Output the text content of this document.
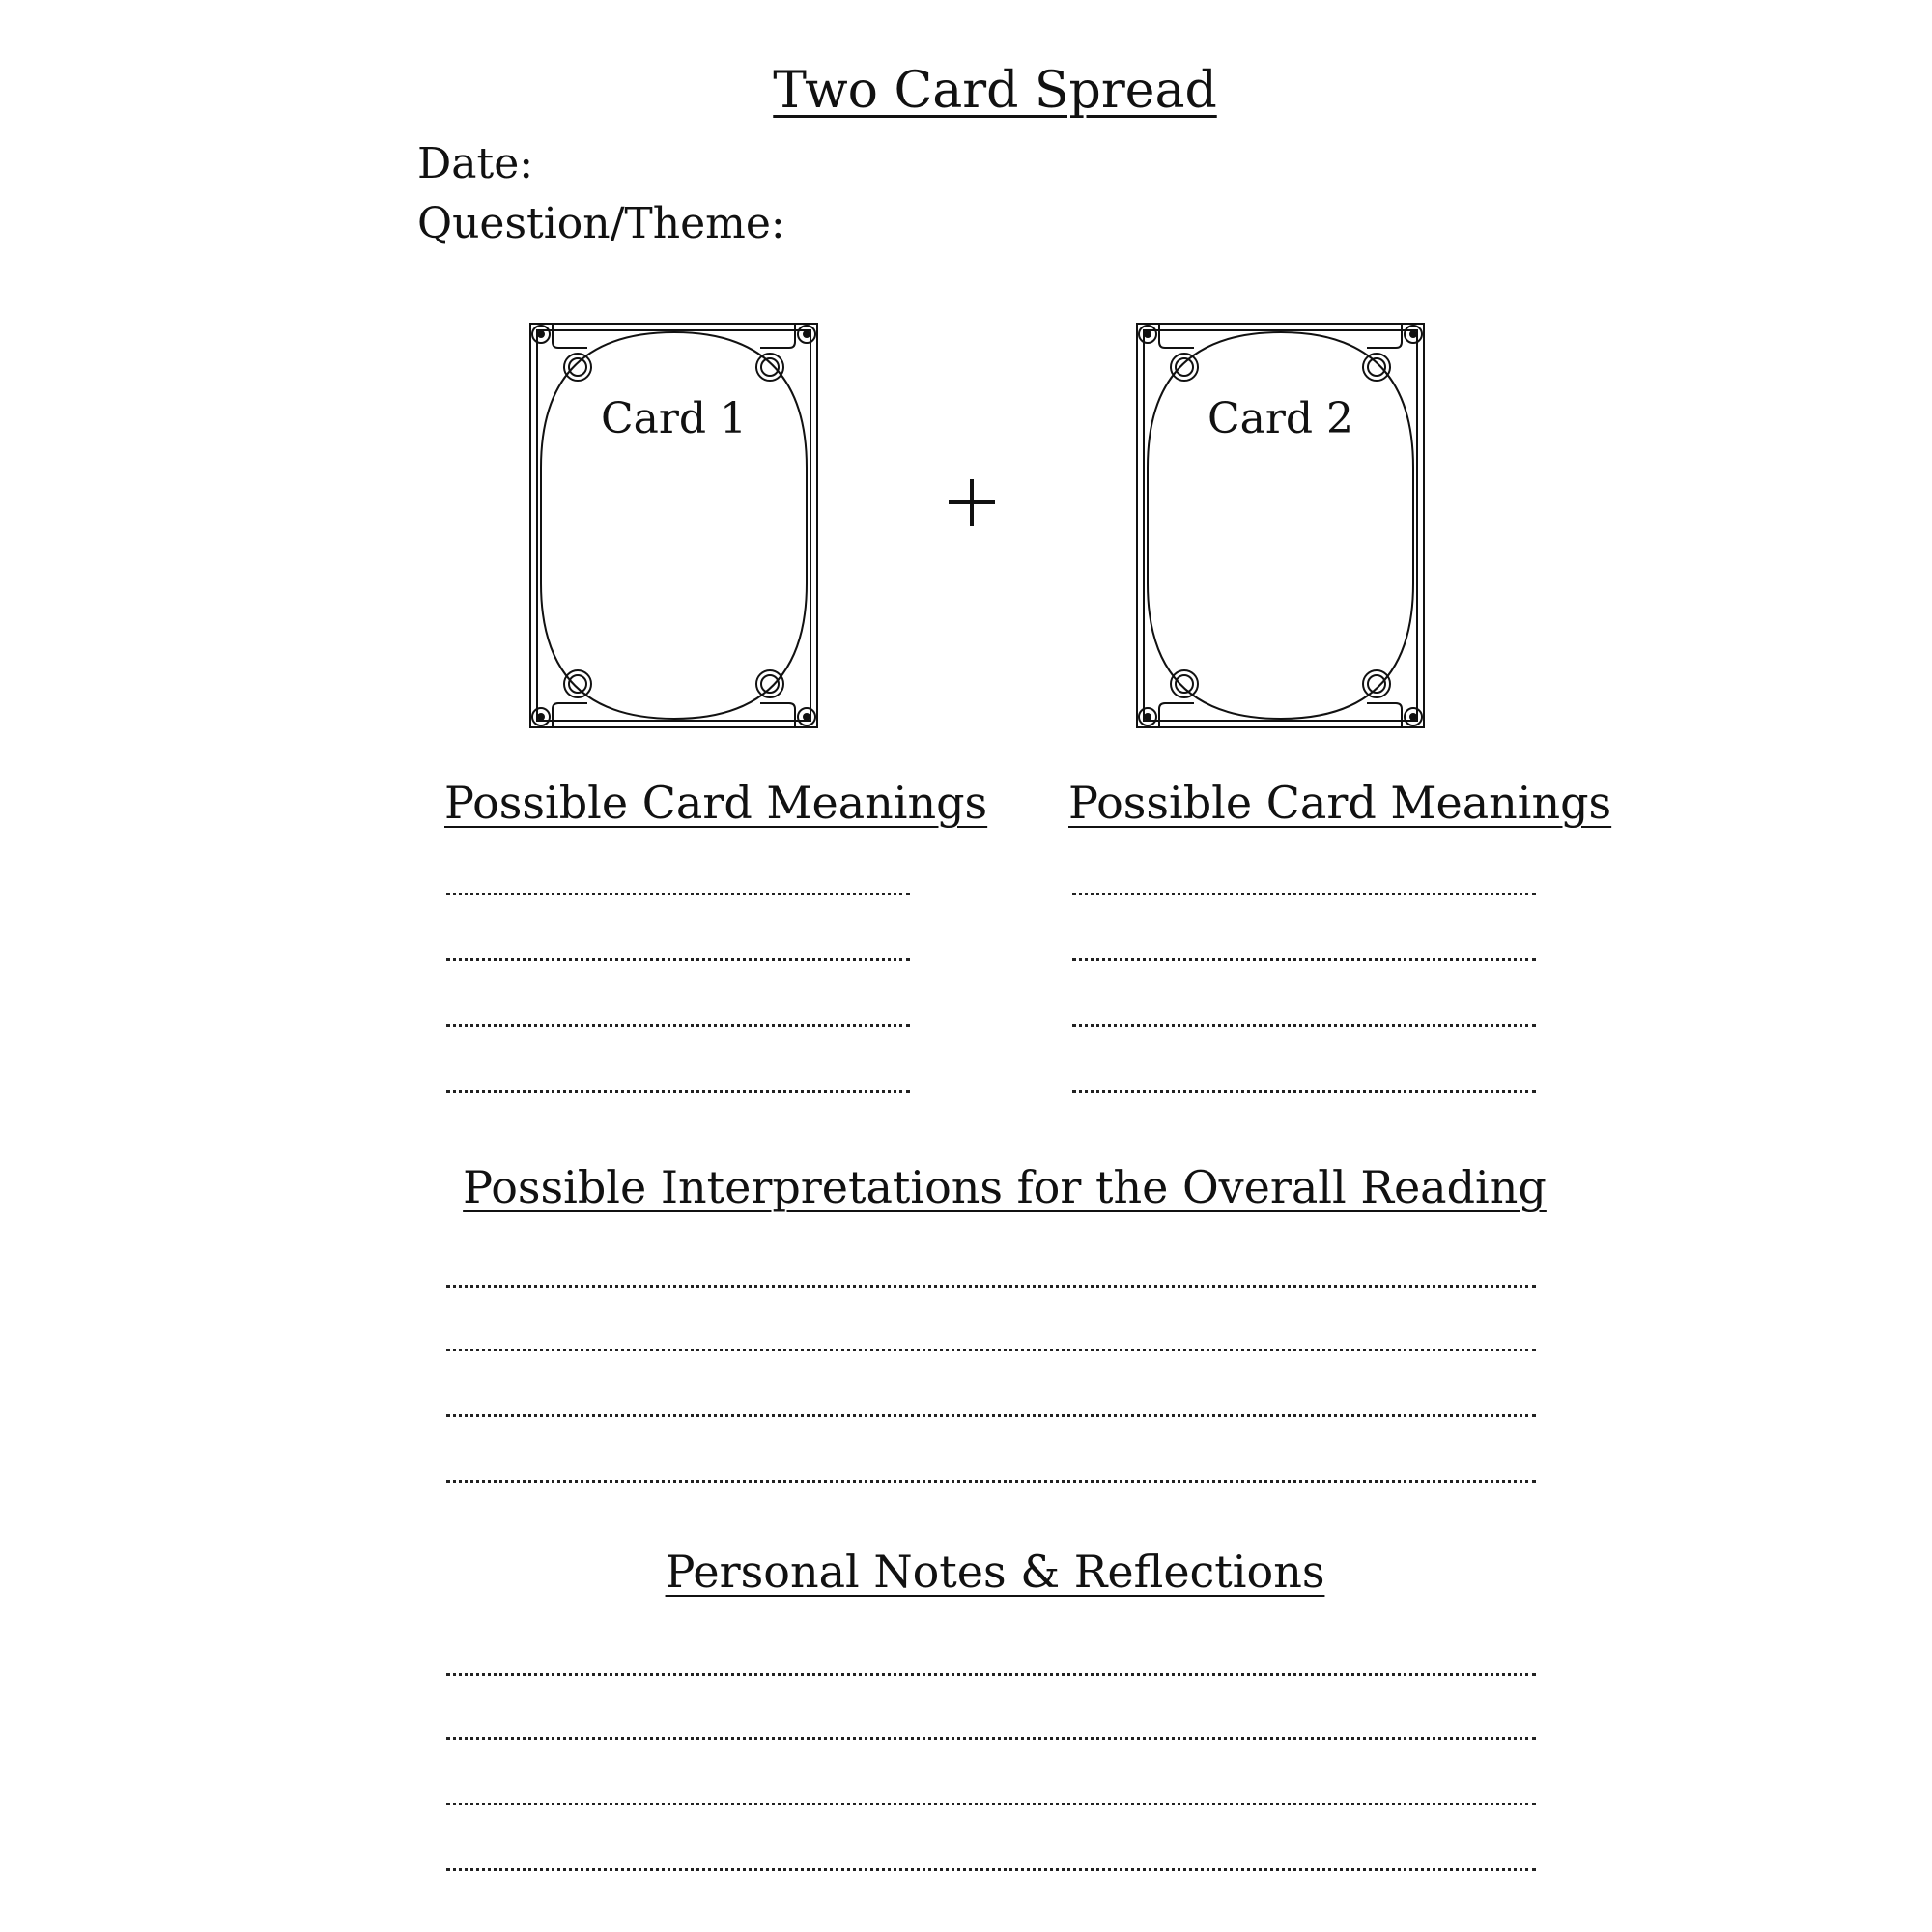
Two Card Spread
Date:
Question/Theme:
Card 1	Card 2
Possible Card Meanings Possible Card Meanings
Possible Interpretations for the Overall Reading
Personal Notes & Reflections
